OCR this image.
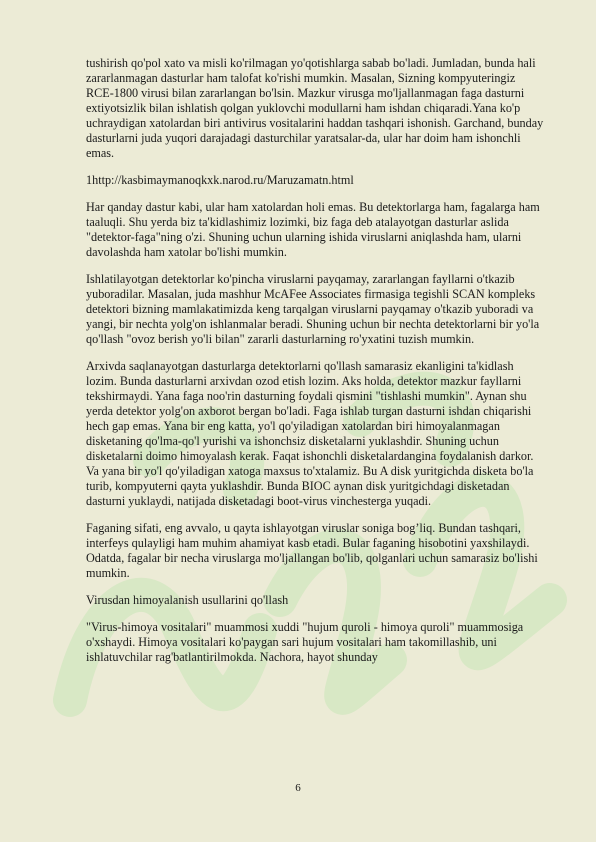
tushirish qo'pol xato va misli ko'rilmagan yo'qotishlarga sabab bo'ladi. Jumladan, bunda hali zararlanmagan dasturlar ham talofat ko'rishi mumkin. Masalan, Sizning kompyuteringiz RCE-1800 virusi bilan zararlangan bo'lsin. Mazkur virusga mo'ljallanmagan faga dasturni extiyotsizlik bilan ishlatish qolgan yuklovchi modullarni ham ishdan chiqaradi.Yana ko'p uchraydigan xatolardan biri antivirus vositalarini haddan tashqari ishonish. Garchand, bunday dasturlarni juda yuqori darajadagi dasturchilar yaratsalar-da, ular har doim ham ishonchli emas.

1http://kasbimaymanoqkxk.narod.ru/Maruzamatn.html

Har qanday dastur kabi, ular ham xatolardan holi emas. Bu detektorlarga ham, fagalarga ham taaluqli. Shu yerda biz ta'kidlashimiz lozimki, biz faga deb atalayotgan dasturlar aslida "detektor-faga"ning o'zi. Shuning uchun ularning ishida viruslarni aniqlashda ham, ularni davolashda ham xatolar bo'lishi mumkin.

Ishlatilayotgan detektorlar ko'pincha viruslarni payqamay, zararlangan fayllarni o'tkazib yuboradilar. Masalan, juda mashhur McAFee Associates firmasiga tegishli SCAN kompleks detektori bizning mamlakatimizda keng tarqalgan viruslarni payqamay o'tkazib yuboradi va yangi, bir nechta yolg'on ishlanmalar beradi. Shuning uchun bir nechta detektorlarni bir yo'la qo'llash "ovoz berish yo'li bilan" zararli dasturlarning ro'yxatini tuzish mumkin.

Arxivda saqlanayotgan dasturlarga detektorlarni qo'llash samarasiz ekanligini ta'kidlash lozim. Bunda dasturlarni arxivdan ozod etish lozim. Aks holda, detektor mazkur fayllarni tekshirmaydi. Yana faga noo'rin dasturning foydali qismini "tishlashi mumkin". Aynan shu yerda detektor yolg'on axborot bergan bo'ladi. Faga ishlab turgan dasturni ishdan chiqarishi hech gap emas. Yana bir eng katta, yo'l qo'yiladigan xatolardan biri himoyalanmagan disketaning qo'lma-qo'l yurishi va ishonchsiz disketalarni yuklashdir. Shuning uchun disketalarni doimo himoyalash kerak. Faqat ishonchli disketalardangina foydalanish darkor.

Va yana bir yo'l qo'yiladigan xatoga maxsus to'xtalamiz. Bu A disk yuritgichda disketa bo'la turib, kompyuterni qayta yuklashdir. Bunda BIOC aynan disk yuritgichdagi disketadan dasturni yuklaydi, natijada disketadagi boot-virus vinchesterga yuqadi.

Faganing sifati, eng avvalo, u qayta ishlayotgan viruslar soniga bog’liq. Bundan tashqari, interfeys qulayligi ham muhim ahamiyat kasb etadi. Bular faganing hisobotini yaxshilaydi. Odatda, fagalar bir necha viruslarga mo'ljallangan bo'lib, qolganlari uchun samarasiz bo'lishi mumkin.

Virusdan himoyalanish usullarini qo'llash

"Virus-himoya vositalari" muammosi xuddi "hujum quroli - himoya quroli" muammosiga o'xshaydi. Himoya vositalari ko'paygan sari hujum vositalari ham takomillashib, uni ishlatuvchilar rag'batlantirilmokda. Nachora, hayot shunday

6
